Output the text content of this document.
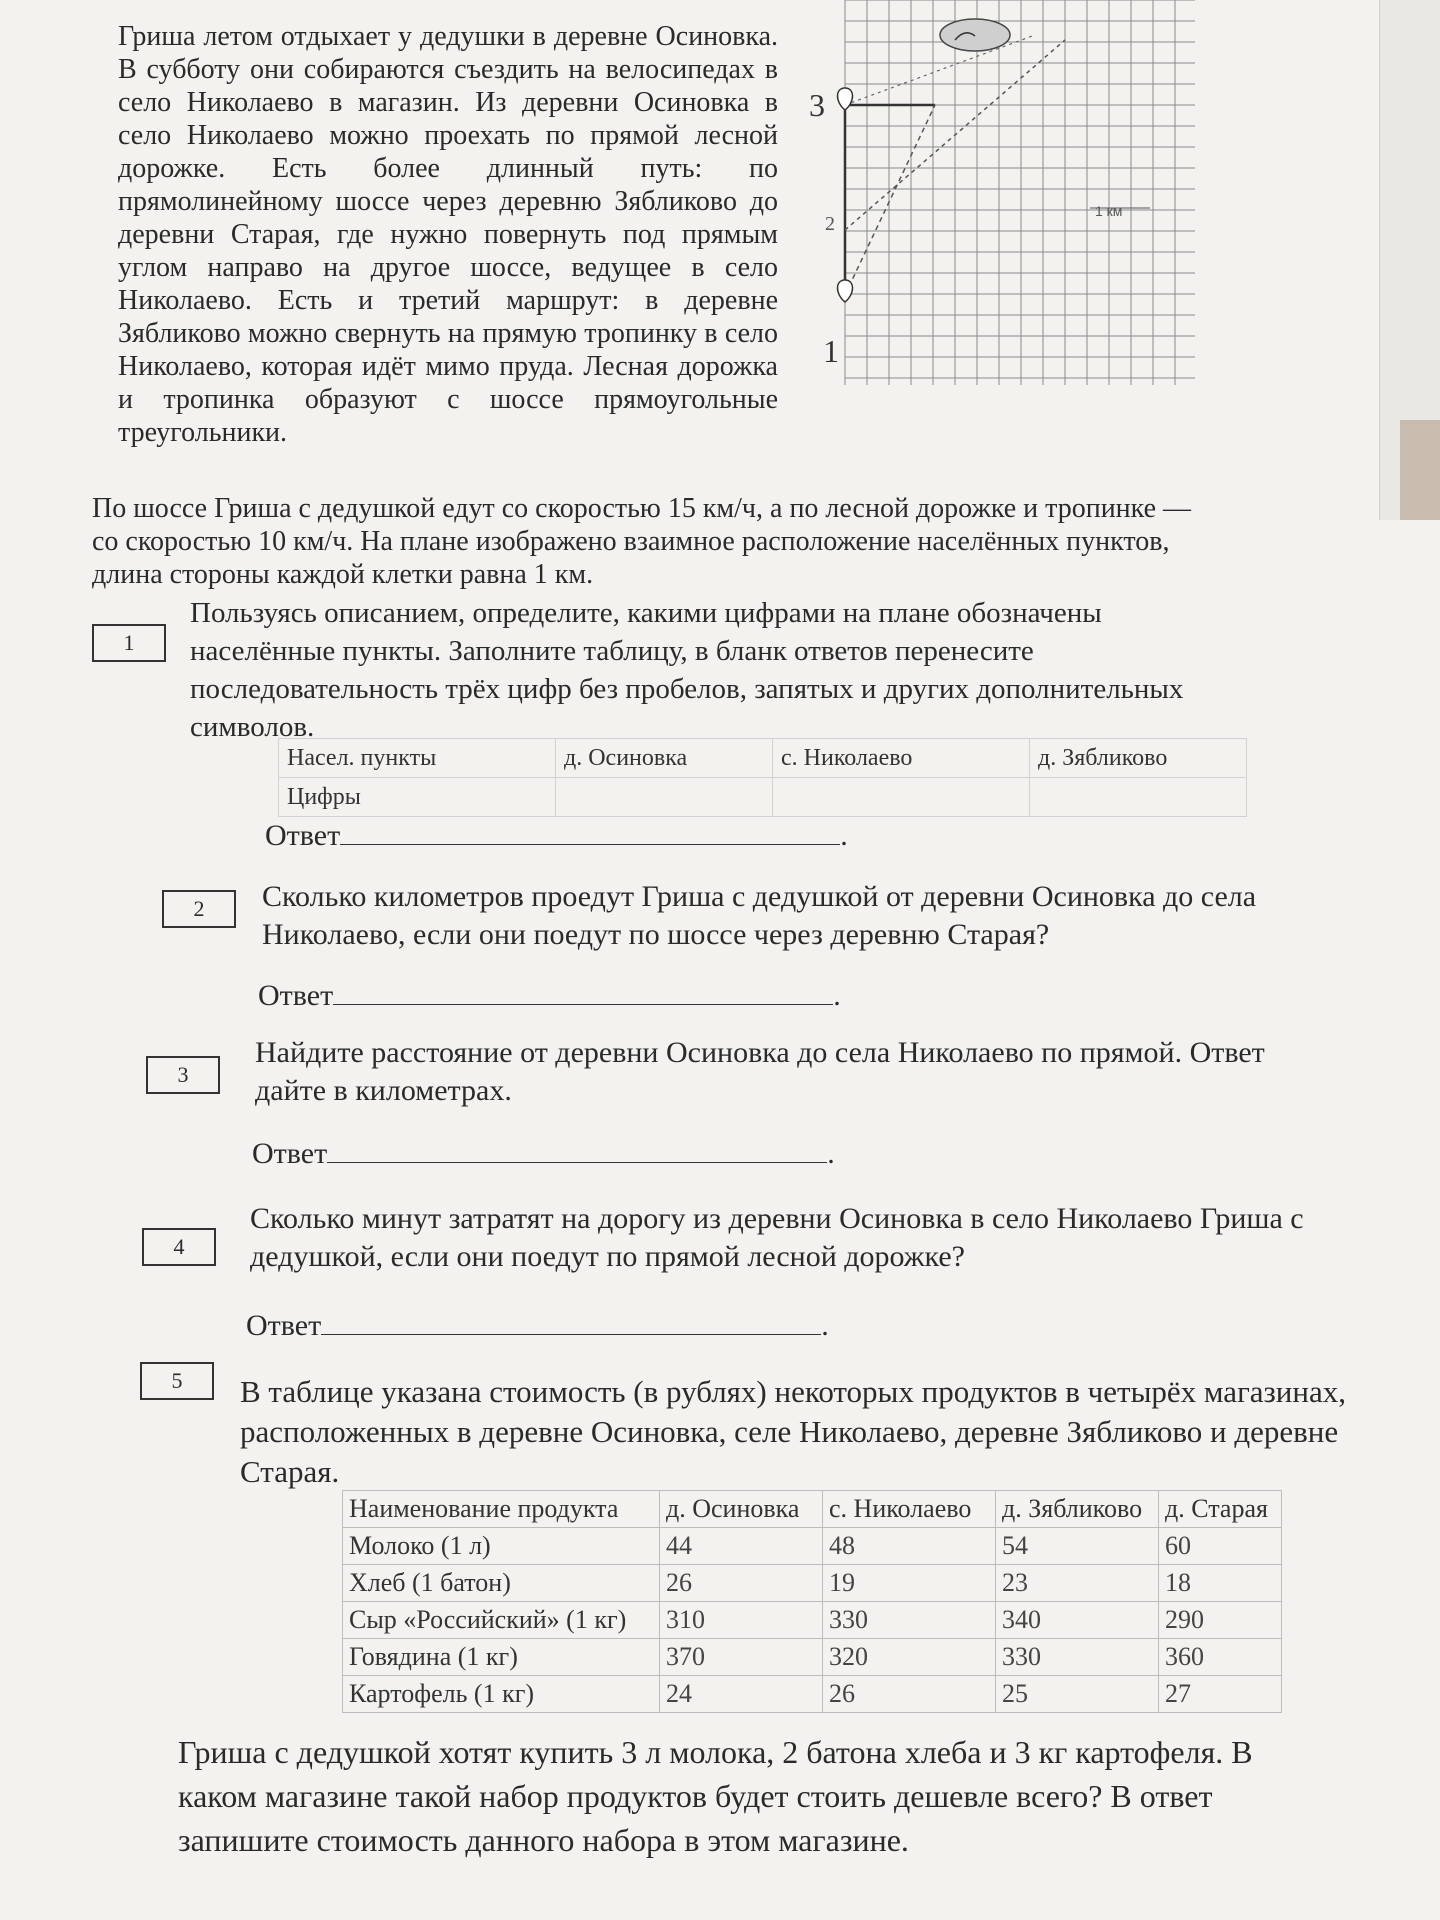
Гриша летом отдыхает у дедушки в деревне Осиновка. В субботу они собираются съездить на велосипедах в село Николаево в магазин. Из деревни Осиновка в село Николаево можно проехать по прямой лесной дорожке. Есть более длинный путь: по прямолинейному шоссе через деревню Зябликово до деревни Старая, где нужно повернуть под прямым углом направо на другое шоссе, ведущее в село Николаево. Есть и третий маршрут: в деревне Зябликово можно свернуть на прямую тропинку в село Николаево, которая идёт мимо пруда. Лесная дорожка и тропинка образуют с шоссе прямоугольные треугольники.
3
2
1
1 км
По шоссе Гриша с дедушкой едут со скоростью 15 км/ч, а по лесной дорожке и тропинке — со скоростью 10 км/ч. На плане изображено взаимное расположение населённых пунктов, длина стороны каждой клетки равна 1 км.
1
Пользуясь описанием, определите, какими цифрами на плане обозначены населённые пункты. Заполните таблицу, в бланк ответов перенесите последовательность трёх цифр без пробелов, запятых и других дополнительных символов.
Насел. пункты	д. Осиновка	с. Николаево	д. Зябликово
Цифры			
Ответ	.
2	Сколько километров проедут Гриша с дедушкой от деревни Осиновка до села Николаево, если они поедут по шоссе через деревню Старая?
Ответ	.
3
Найдите расстояние от деревни Осиновка до села Николаево по прямой. Ответ дайте в километрах.
Ответ	.
4
Сколько минут затратят на дорогу из деревни Осиновка в село Николаево Гриша с дедушкой, если они поедут по прямой лесной дорожке?
Ответ	.
5	В таблице указана стоимость (в рублях) некоторых продуктов в четырёх магазинах, расположенных в деревне Осиновка, селе Николаево, деревне Зябликово и деревне Старая.
Наименование продукта	д. Осиновка	с. Николаево	д. Зябликово	д. Старая
Молоко (1 л)	44	48	54	60
Хлеб (1 батон)	26	19	23	18
Сыр «Российский» (1 кг)	310	330	340	290
Говядина (1 кг)	370	320	330	360
Картофель (1 кг)	24	26	25	27
Гриша с дедушкой хотят купить 3 л молока, 2 батона хлеба и 3 кг картофеля. В каком магазине такой набор продуктов будет стоить дешевле всего? В ответ запишите стоимость данного набора в этом магазине.
